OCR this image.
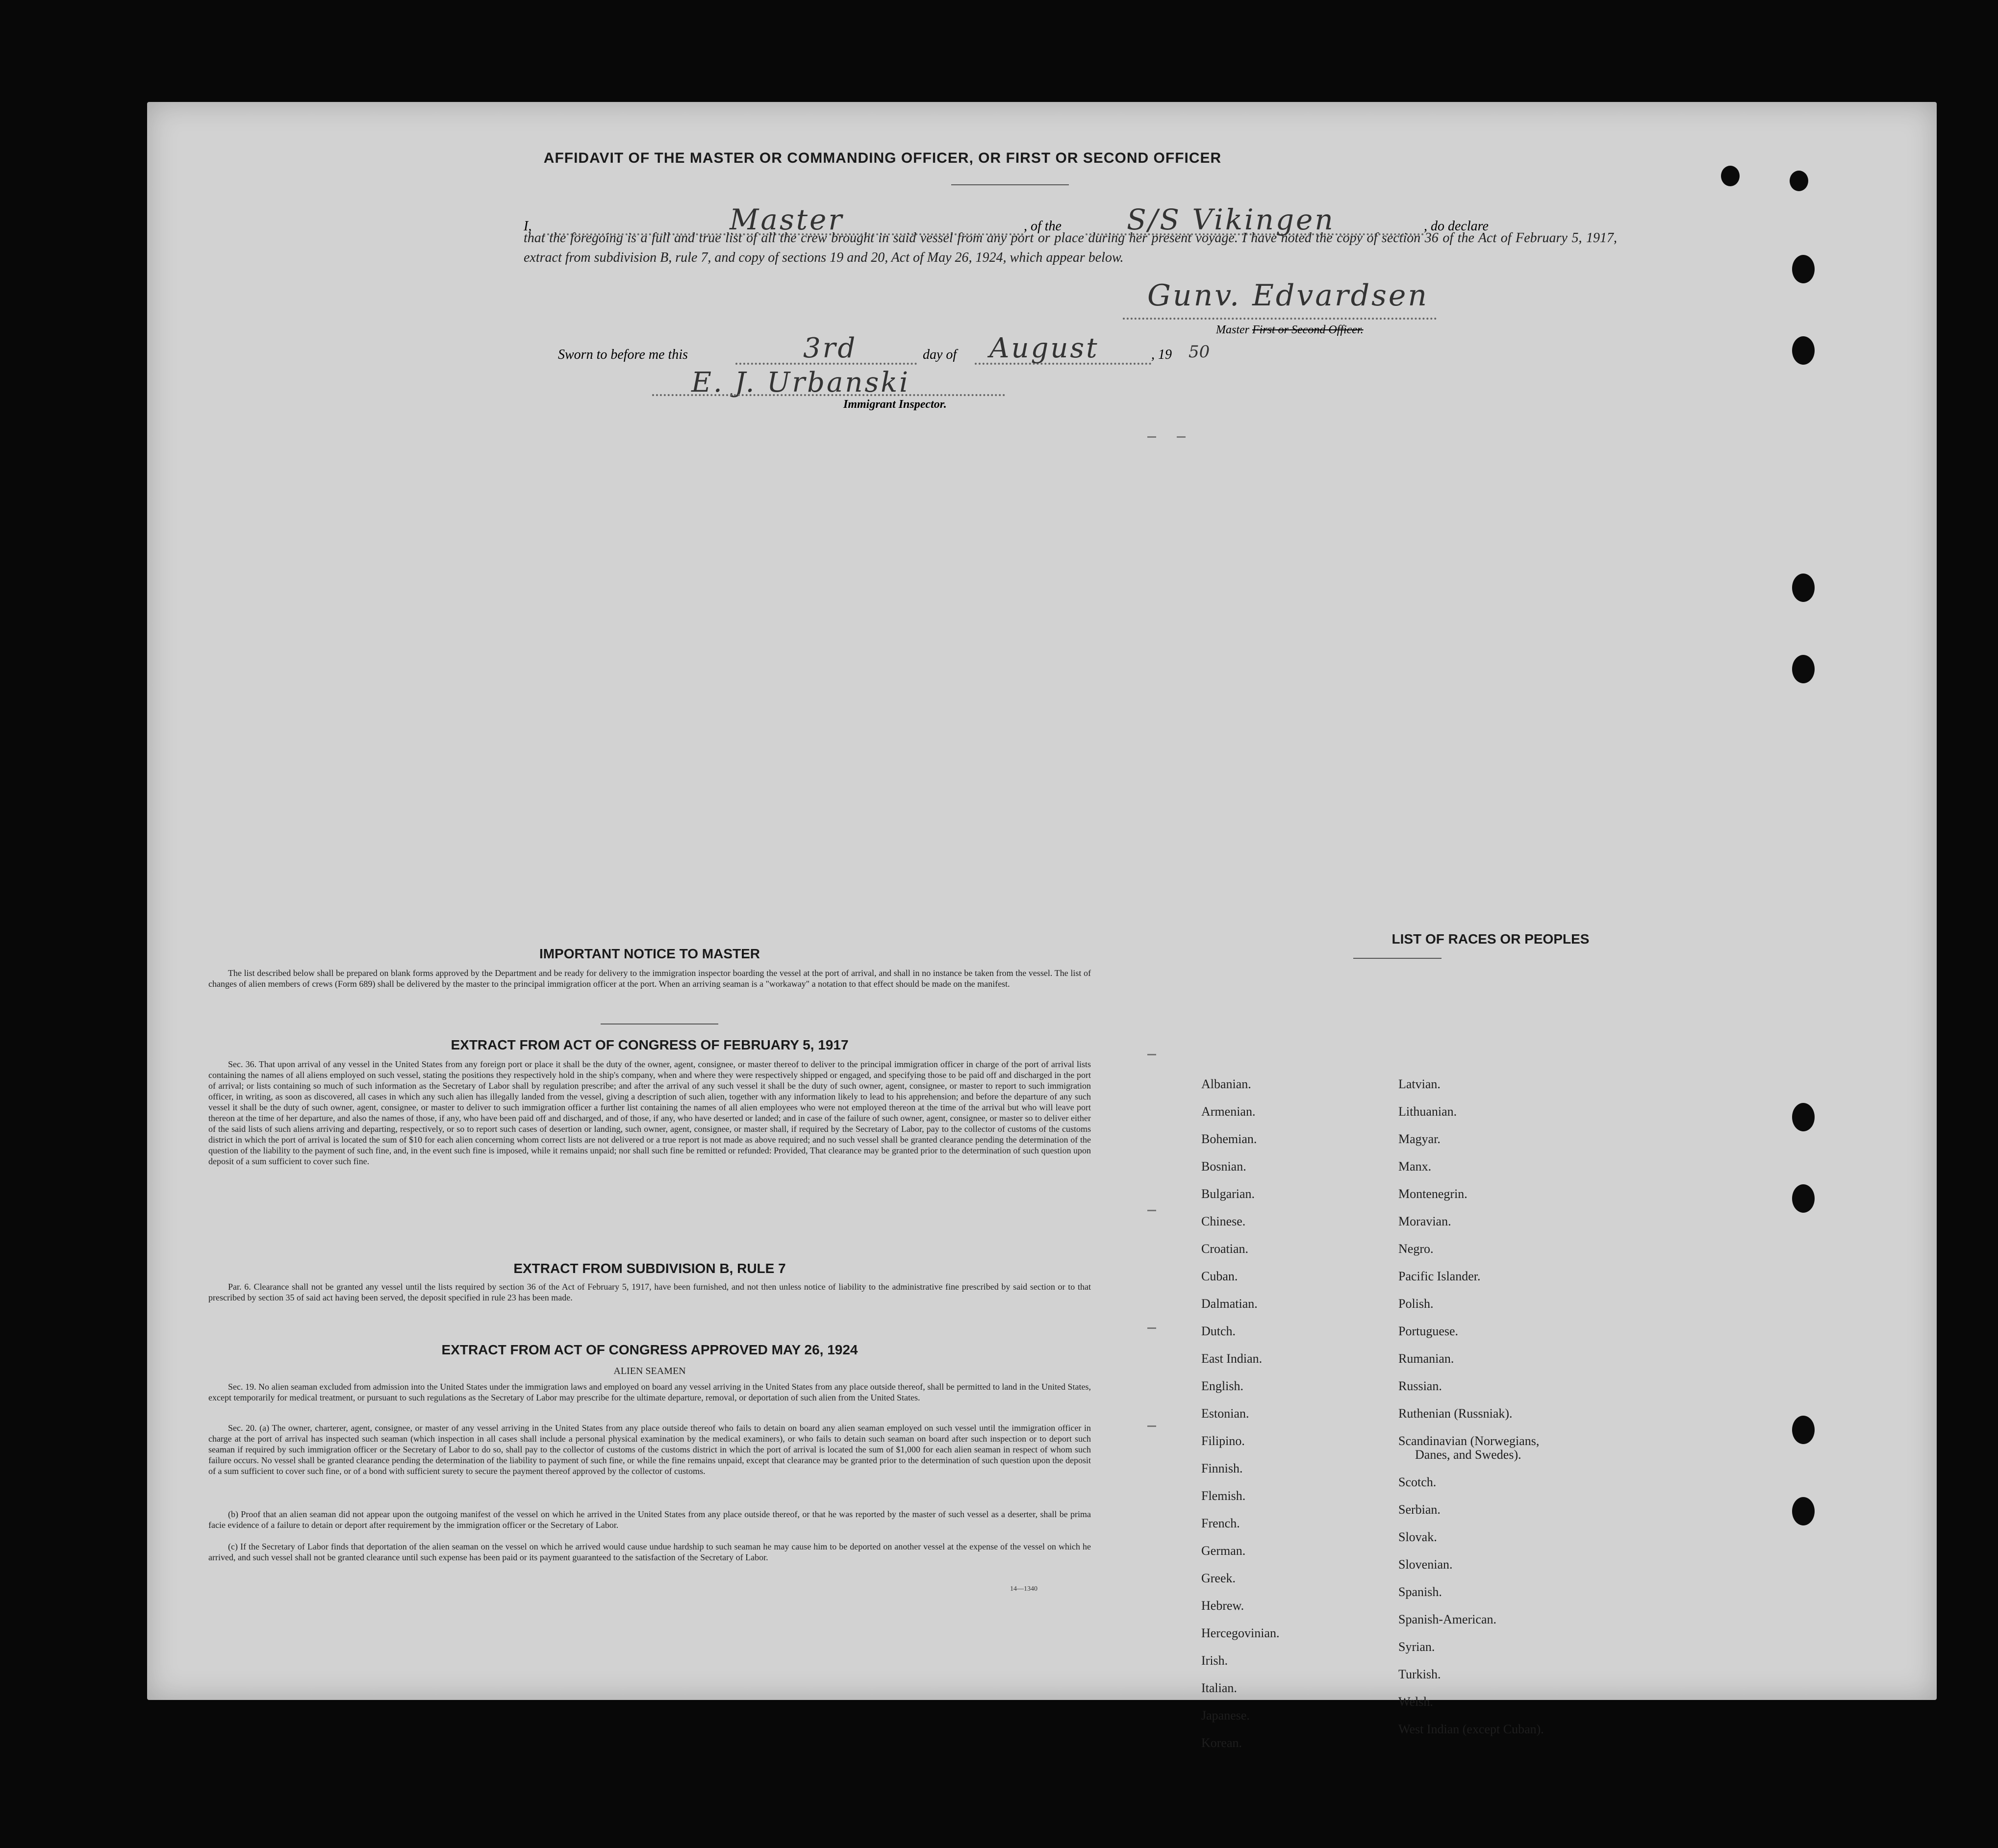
AFFIDAVIT OF THE MASTER OR COMMANDING OFFICER, OR FIRST OR SECOND OFFICER
I,	Master	, of the S/S Vikingen	, do declare

that the foregoing is a full and true list of all the crew brought in said vessel from any port or place during her present voyage. I have noted the copy of section 36 of the Act of February 5, 1917, extract from subdivision B, rule 7, and copy of sections 19 and 20, Act of May 26, 1924, which appear below.

Gunv. Edvardsen
Master First or Second Officer.
Sworn to before me this	3rd	day of August	, 19 50
E. J. Urbanski
Immigrant Inspector.
IMPORTANT NOTICE TO MASTER

The list described below shall be prepared on blank forms approved by the Department and be ready for delivery to the immigration inspector boarding the vessel at the port of arrival, and shall in no instance be taken from the vessel. The list of changes of alien members of crews (Form 689) shall be delivered by the master to the principal immigration officer at the port. When an arriving seaman is a "workaway" a notation to that effect should be made on the manifest.

EXTRACT FROM ACT OF CONGRESS OF FEBRUARY 5, 1917

Sec. 36. That upon arrival of any vessel in the United States from any foreign port or place it shall be the duty of the owner, agent, consignee, or master thereof to deliver to the principal immigration officer in charge of the port of arrival lists containing the names of all aliens employed on such vessel, stating the positions they respectively hold in the ship's company, when and where they were respectively shipped or engaged, and specifying those to be paid off and discharged in the port of arrival; or lists containing so much of such information as the Secretary of Labor shall by regulation prescribe; and after the arrival of any such vessel it shall be the duty of such owner, agent, consignee, or master to report to such immigration officer, in writing, as soon as discovered, all cases in which any such alien has illegally landed from the vessel, giving a description of such alien, together with any information likely to lead to his apprehension; and before the departure of any such vessel it shall be the duty of such owner, agent, consignee, or master to deliver to such immigration officer a further list containing the names of all alien employees who were not employed thereon at the time of the arrival but who will leave port thereon at the time of her departure, and also the names of those, if any, who have been paid off and discharged, and of those, if any, who have deserted or landed; and in case of the failure of such owner, agent, consignee, or master so to deliver either of the said lists of such aliens arriving and departing, respectively, or so to report such cases of desertion or landing, such owner, agent, consignee, or master shall, if required by the Secretary of Labor, pay to the collector of customs of the customs district in which the port of arrival is located the sum of $10 for each alien concerning whom correct lists are not delivered or a true report is not made as above required; and no such vessel shall be granted clearance pending the determination of the question of the liability to the payment of such fine, and, in the event such fine is imposed, while it remains unpaid; nor shall such fine be remitted or refunded: Provided, That clearance may be granted prior to the determination of such question upon deposit of a sum sufficient to cover such fine.

EXTRACT FROM SUBDIVISION B, RULE 7

Par. 6. Clearance shall not be granted any vessel until the lists required by section 36 of the Act of February 5, 1917, have been furnished, and not then unless notice of liability to the administrative fine prescribed by said section or to that prescribed by section 35 of said act having been served, the deposit specified in rule 23 has been made.

EXTRACT FROM ACT OF CONGRESS APPROVED MAY 26, 1924
ALIEN SEAMEN

Sec. 19. No alien seaman excluded from admission into the United States under the immigration laws and employed on board any vessel arriving in the United States from any place outside thereof, shall be permitted to land in the United States, except temporarily for medical treatment, or pursuant to such regulations as the Secretary of Labor may prescribe for the ultimate departure, removal, or deportation of such alien from the United States.

Sec. 20. (a) The owner, charterer, agent, consignee, or master of any vessel arriving in the United States from any place outside thereof who fails to detain on board any alien seaman employed on such vessel until the immigration officer in charge at the port of arrival has inspected such seaman (which inspection in all cases shall include a personal physical examination by the medical examiners), or who fails to detain such seaman on board after such inspection or to deport such seaman if required by such immigration officer or the Secretary of Labor to do so, shall pay to the collector of customs of the customs district in which the port of arrival is located the sum of $1,000 for each alien seaman in respect of whom such failure occurs. No vessel shall be granted clearance pending the determination of the liability to payment of such fine, or while the fine remains unpaid, except that clearance may be granted prior to the determination of such question upon the deposit of a sum sufficient to cover such fine, or of a bond with sufficient surety to secure the payment thereof approved by the collector of customs.

(b) Proof that an alien seaman did not appear upon the outgoing manifest of the vessel on which he arrived in the United States from any place outside thereof, or that he was reported by the master of such vessel as a deserter, shall be prima facie evidence of a failure to detain or deport after requirement by the immigration officer or the Secretary of Labor.

(c) If the Secretary of Labor finds that deportation of the alien seaman on the vessel on which he arrived would cause undue hardship to such seaman he may cause him to be deported on another vessel at the expense of the vessel on which he arrived, and such vessel shall not be granted clearance until such expense has been paid or its payment guaranteed to the satisfaction of the Secretary of Labor.

14—1340
LIST OF RACES OR PEOPLES
Albanian.
Armenian.
Bohemian.
Bosnian.
Bulgarian.
Chinese.
Croatian.
Cuban.
Dalmatian.
Dutch.
East Indian.
English.
Estonian.
Filipino.
Finnish.
Flemish.
French.
German.
Greek.
Hebrew.
Hercegovinian.
Irish.
Italian.
Japanese.
Korean.
Latvian.
Lithuanian.
Magyar.
Manx.
Montenegrin.
Moravian.
Negro.
Pacific Islander.
Polish.
Portuguese.
Rumanian.
Russian.
Ruthenian (Russniak).
Scandinavian (Norwegians,
Danes, and Swedes).
Scotch.
Serbian.
Slovak.
Slovenian.
Spanish.
Spanish-American.
Syrian.
Turkish.
Welsh.
West Indian (except Cuban).
